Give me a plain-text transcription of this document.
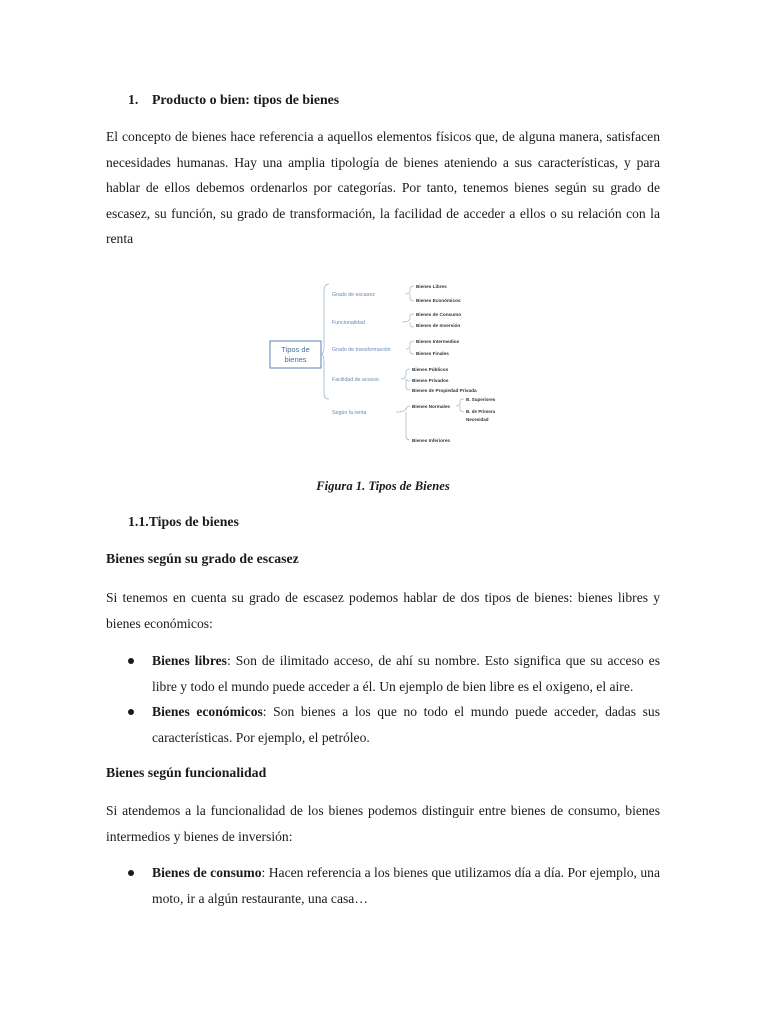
1. Producto o bien: tipos de bienes

El concepto de bienes hace referencia a aquellos elementos físicos que, de alguna manera, satisfacen necesidades humanas. Hay una amplia tipología de bienes ateniendo a sus características, y para hablar de ellos debemos ordenarlos por categorías. Por tanto, tenemos bienes según su grado de escasez, su función, su grado de transformación, la facilidad de acceder a ellos o su relación con la renta

Tipos de
bienes
Grado de escasez
Funcionalidad
Grado de transformación
Facilidad de acceso
Según la renta
Bienes Libres
Bienes Económicos
Bienes de Consumo
Bienes de Inversión
Bienes Intermedios
Bienes Finales
Bienes Públicos
Bienes Privados
Bienes de Propiedad Privada
Bienes Normales
Bienes Inferiores
B. Superiores
B. de Primera
Necesidad
Figura 1. Tipos de Bienes
1.1.Tipos de bienes
Bienes según su grado de escasez

Si tenemos en cuenta su grado de escasez podemos hablar de dos tipos de bienes: bienes libres y bienes económicos:

Bienes libres: Son de ilimitado acceso, de ahí su nombre. Esto significa que su acceso es libre y todo el mundo puede acceder a él. Un ejemplo de bien libre es el oxigeno, el aire.
Bienes económicos: Son bienes a los que no todo el mundo puede acceder, dadas sus características. Por ejemplo, el petróleo.
Bienes según funcionalidad

Si atendemos a la funcionalidad de los bienes podemos distinguir entre bienes de consumo, bienes intermedios y bienes de inversión:

Bienes de consumo: Hacen referencia a los bienes que utilizamos día a día. Por ejemplo, una moto, ir a algún restaurante, una casa…
